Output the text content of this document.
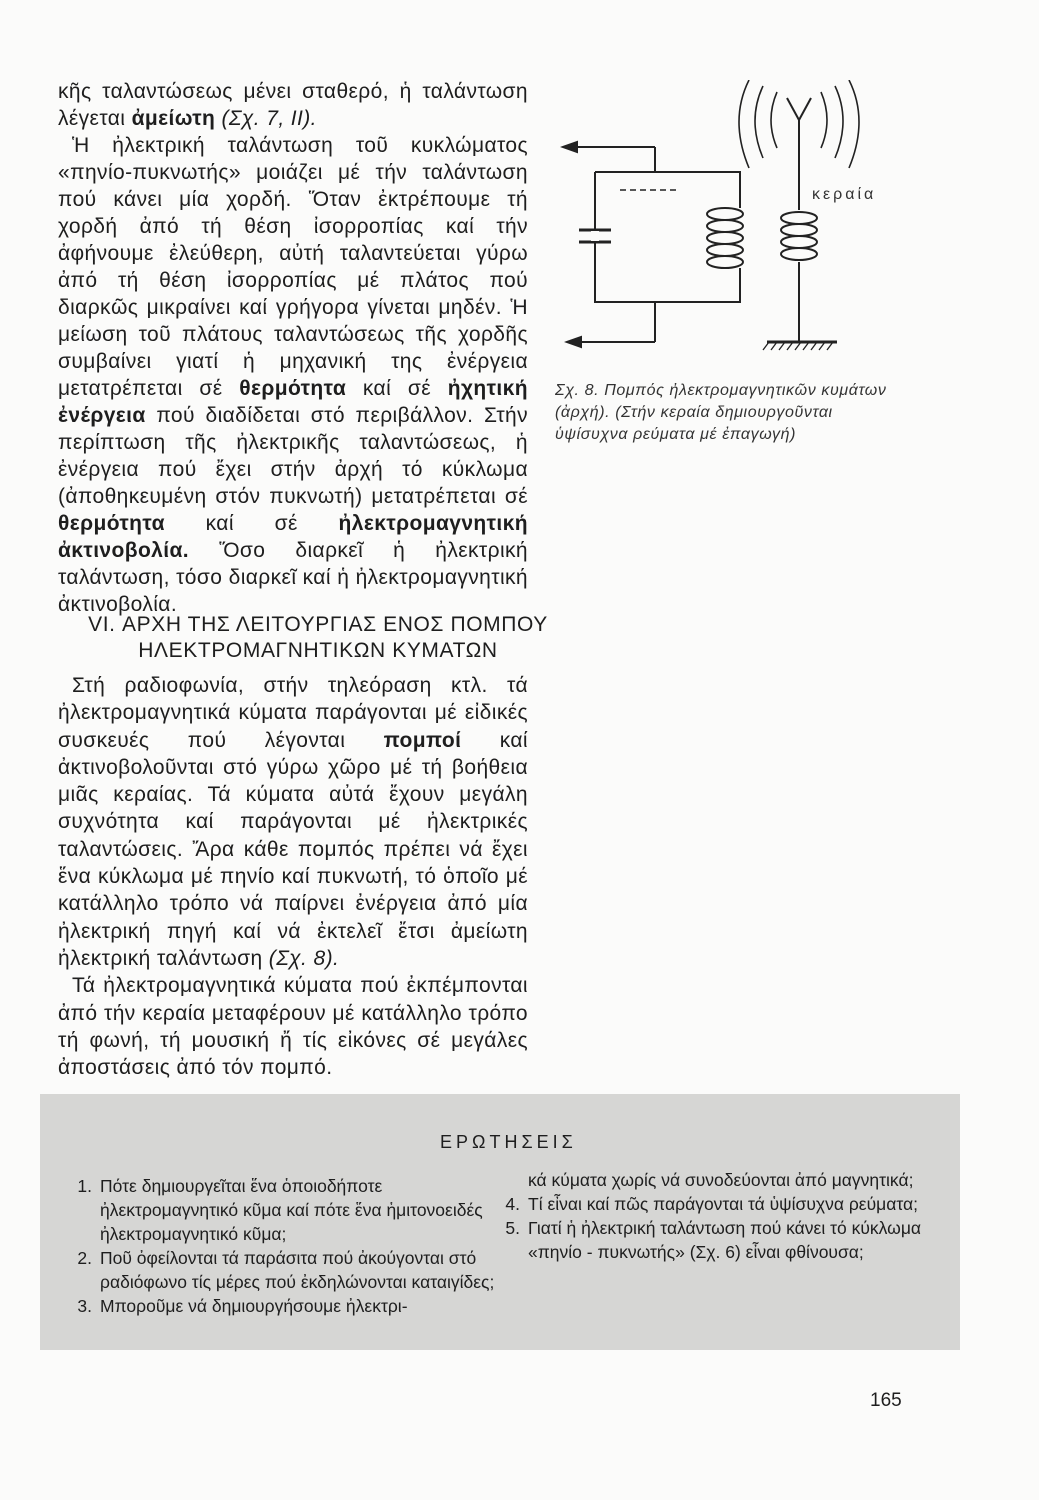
κῆς ταλαντώσεως μένει σταθερό, ἡ ταλάντωση λέγεται ἀμείωτη (Σχ. 7, II).

Ἡ ἠλεκτρική ταλάντωση τοῦ κυκλώματος «πηνίο-πυκνωτής» μοιάζει μέ τήν ταλάντωση πού κάνει μία χορδή. Ὅταν ἐκτρέπουμε τή χορδή ἀπό τή θέση ἰσορροπίας καί τήν ἀφήνουμε ἐλεύθερη, αὐτή ταλαντεύεται γύρω ἀπό τή θέση ἰσορροπίας μέ πλάτος πού διαρκῶς μικραίνει καί γρήγορα γίνεται μηδέν. Ἡ μείωση τοῦ πλάτους ταλαντώσεως τῆς χορδῆς συμβαίνει γιατί ἡ μηχανική της ἐνέργεια μετατρέπεται σέ θερμότητα καί σέ ἠχητική ἐνέργεια πού διαδίδεται στό περιβάλλον. Στήν περίπτωση τῆς ἠλεκτρικῆς ταλαντώσεως, ἡ ἐνέργεια πού ἔχει στήν ἀρχή τό κύκλωμα (ἀποθηκευμένη στόν πυκνωτή) μετατρέπεται σέ θερμότητα καί σέ ἠλεκτρομαγνητική ἀκτινοβολία. Ὅσο διαρκεῖ ἡ ἠλεκτρική ταλάντωση, τόσο διαρκεῖ καί ἡ ἠλεκτρομαγνητική ἀκτινοβολία.

κεραία
Σχ. 8. Πομπός ἠλεκτρομαγνητικῶν κυμάτων (ἀρχή). (Στήν κεραία δημιουργοῦνται ὑψίσυχνα ρεύματα μέ ἐπαγωγή)
VI. ΑΡΧΗ ΤΗΣ ΛΕΙΤΟΥΡΓΙΑΣ ΕΝΟΣ ΠΟΜΠΟΥ
ΗΛΕΚΤΡΟΜΑΓΝΗΤΙΚΩΝ ΚΥΜΑΤΩΝ

Στή ραδιοφωνία, στήν τηλεόραση κτλ. τά ἠλεκτρομαγνητικά κύματα παράγονται μέ εἰδικές συσκευές πού λέγονται πομποί καί ἀκτινοβολοῦνται στό γύρω χῶρο μέ τή βοήθεια μιᾶς κεραίας. Τά κύματα αὐτά ἔχουν μεγάλη συχνότητα καί παράγονται μέ ἠλεκτρικές ταλαντώσεις. Ἄρα κάθε πομπός πρέπει νά ἔχει ἕνα κύκλωμα μέ πηνίο καί πυκνωτή, τό ὁποῖο μέ κατάλληλο τρόπο νά παίρνει ἐνέργεια ἀπό μία ἠλεκτρική πηγή καί νά ἐκτελεῖ ἔτσι ἀμείωτη ἠλεκτρική ταλάντωση (Σχ. 8).

Τά ἠλεκτρομαγνητικά κύματα πού ἐκπέμπονται ἀπό τήν κεραία μεταφέρουν μέ κατάλληλο τρόπο τή φωνή, τή μουσική ἤ τίς εἰκόνες σέ μεγάλες ἀποστάσεις ἀπό τόν πομπό.

ΕΡΩΤΗΣΕΙΣ
1. Πότε δημιουργεῖται ἕνα ὁποιοδήποτε ἠλεκτρομαγνητικό κῦμα καί πότε ἕνα ἡμιτονοειδές ἠλεκτρομαγνητικό κῦμα;
2. Ποῦ ὀφείλονται τά παράσιτα πού ἀκούγονται στό ραδιόφωνο τίς μέρες πού ἐκδηλώνονται καταιγίδες;
3. Μποροῦμε νά δημιουργήσουμε ἠλεκτρι-
κά κύματα χωρίς νά συνοδεύονται ἀπό μαγνητικά;
4. Τί εἶναι καί πῶς παράγονται τά ὑψίσυχνα ρεύματα;
5. Γιατί ἡ ἠλεκτρική ταλάντωση πού κάνει τό κύκλωμα «πηνίο - πυκνωτής» (Σχ. 6) εἶναι φθίνουσα;
165
